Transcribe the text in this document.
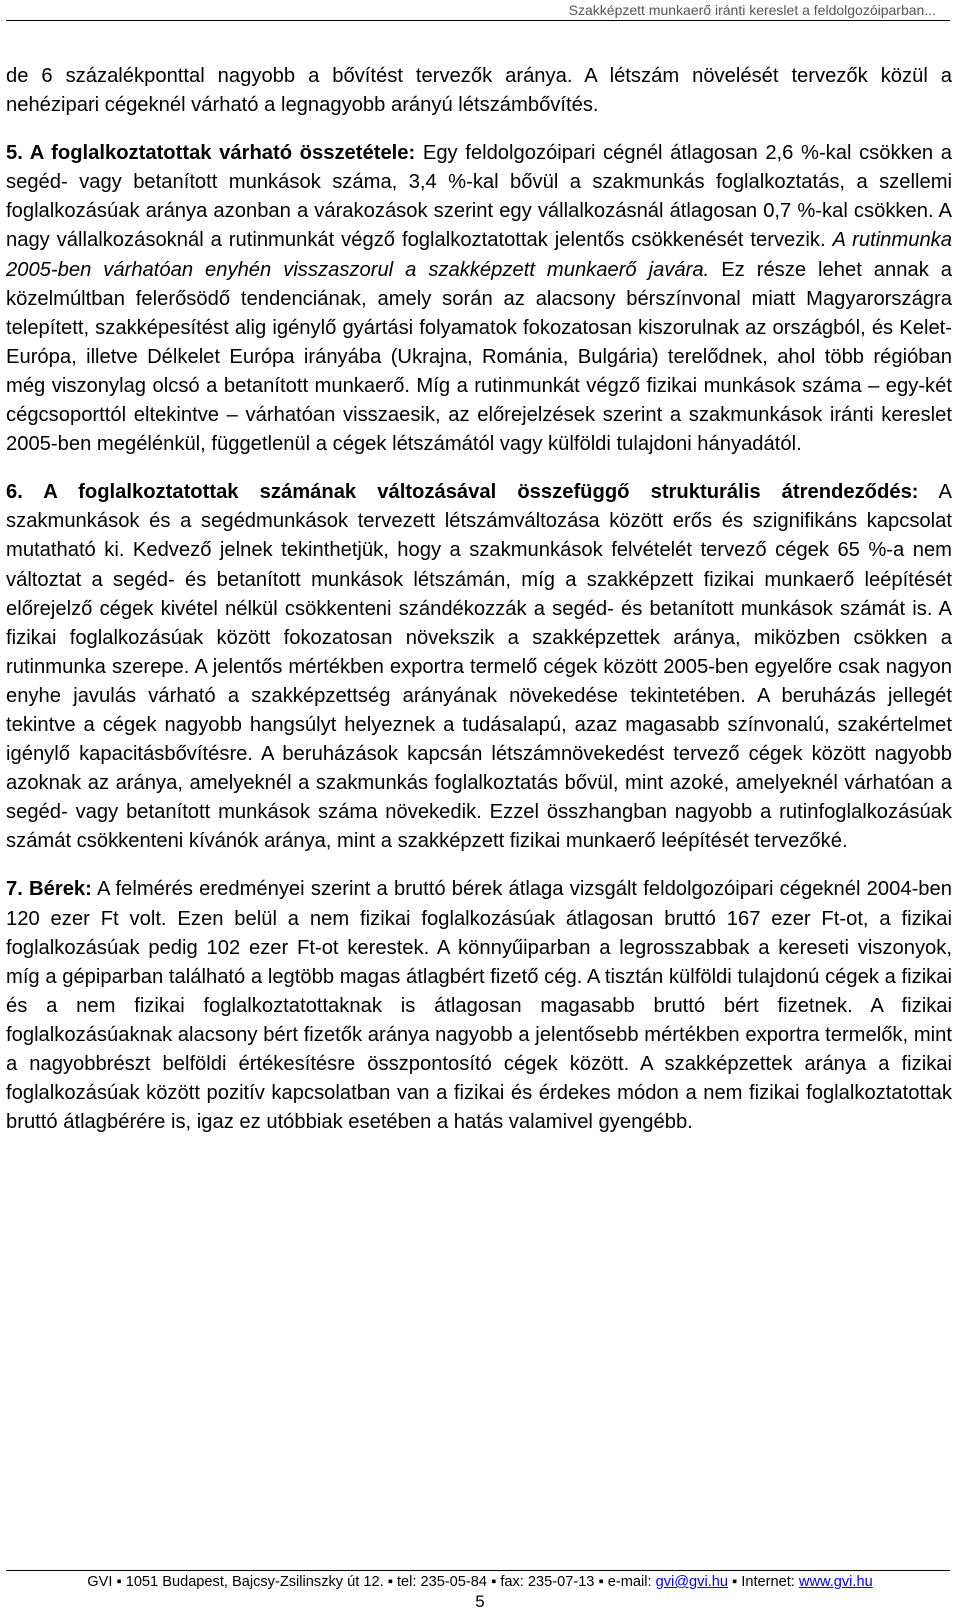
Szakképzett munkaerő iránti kereslet a feldolgozóiparban...

de 6 százalékponttal nagyobb a bővítést tervezők aránya. A létszám növelését tervezők közül a nehézipari cégeknél várható a legnagyobb arányú létszámbővítés.

5. A foglalkoztatottak várható összetétele: Egy feldolgozóipari cégnél átlagosan 2,6 %-kal csökken a segéd- vagy betanított munkások száma, 3,4 %-kal bővül a szakmunkás foglalkoztatás, a szellemi foglalkozásúak aránya azonban a várakozások szerint egy vállalkozásnál átlagosan 0,7 %-kal csökken. A nagy vállalkozásoknál a rutinmunkát végző foglalkoztatottak jelentős csökkenését tervezik. A rutinmunka 2005-ben várhatóan enyhén visszaszorul a szakképzett munkaerő javára. Ez része lehet annak a közelmúltban felerősödő tendenciának, amely során az alacsony bérszínvonal miatt Magyarországra telepített, szakképesítést alig igénylő gyártási folyamatok fokozatosan kiszorulnak az országból, és Kelet-Európa, illetve Délkelet Európa irányába (Ukrajna, Románia, Bulgária) terelődnek, ahol több régióban még viszonylag olcsó a betanított munkaerő. Míg a rutinmunkát végző fizikai munkások száma – egy-két cégcsoporttól eltekintve – várhatóan visszaesik, az előrejelzések szerint a szakmunkások iránti kereslet 2005-ben megélénkül, függetlenül a cégek létszámától vagy külföldi tulajdoni hányadától.

6. A foglalkoztatottak számának változásával összefüggő strukturális átrendeződés: A szakmunkások és a segédmunkások tervezett létszámváltozása között erős és szignifikáns kapcsolat mutatható ki. Kedvező jelnek tekinthetjük, hogy a szakmunkások felvételét tervező cégek 65 %-a nem változtat a segéd- és betanított munkások létszámán, míg a szakképzett fizikai munkaerő leépítését előrejelző cégek kivétel nélkül csökkenteni szándékozzák a segéd- és betanított munkások számát is. A fizikai foglalkozásúak között fokozatosan növekszik a szakképzettek aránya, miközben csökken a rutinmunka szerepe. A jelentős mértékben exportra termelő cégek között 2005-ben egyelőre csak nagyon enyhe javulás várható a szakképzettség arányának növekedése tekintetében. A beruházás jellegét tekintve a cégek nagyobb hangsúlyt helyeznek a tudásalapú, azaz magasabb színvonalú, szakértelmet igénylő kapacitásbővítésre. A beruházások kapcsán létszámnövekedést tervező cégek között nagyobb azoknak az aránya, amelyeknél a szakmunkás foglalkoztatás bővül, mint azoké, amelyeknél várhatóan a segéd- vagy betanított munkások száma növekedik. Ezzel összhangban nagyobb a rutinfoglalkozásúak számát csökkenteni kívánók aránya, mint a szakképzett fizikai munkaerő leépítését tervezőké.

7. Bérek: A felmérés eredményei szerint a bruttó bérek átlaga vizsgált feldolgozóipari cégeknél 2004-ben 120 ezer Ft volt. Ezen belül a nem fizikai foglalkozásúak átlagosan bruttó 167 ezer Ft-ot, a fizikai foglalkozásúak pedig 102 ezer Ft-ot kerestek. A könnyűiparban a legrosszabbak a kereseti viszonyok, míg a gépiparban található a legtöbb magas átlagbért fizető cég. A tisztán külföldi tulajdonú cégek a fizikai és a nem fizikai foglalkoztatottaknak is átlagosan magasabb bruttó bért fizetnek. A fizikai foglalkozásúaknak alacsony bért fizetők aránya nagyobb a jelentősebb mértékben exportra termelők, mint a nagyobbrészt belföldi értékesítésre összpontosító cégek között. A szakképzettek aránya a fizikai foglalkozásúak között pozitív kapcsolatban van a fizikai és érdekes módon a nem fizikai foglalkoztatottak bruttó átlagbérére is, igaz ez utóbbiak esetében a hatás valamivel gyengébb.

GVI ▪ 1051 Budapest, Bajcsy-Zsilinszky út 12. ▪ tel: 235-05-84 ▪ fax: 235-07-13 ▪ e-mail: gvi@gvi.hu ▪ Internet: www.gvi.hu
5
